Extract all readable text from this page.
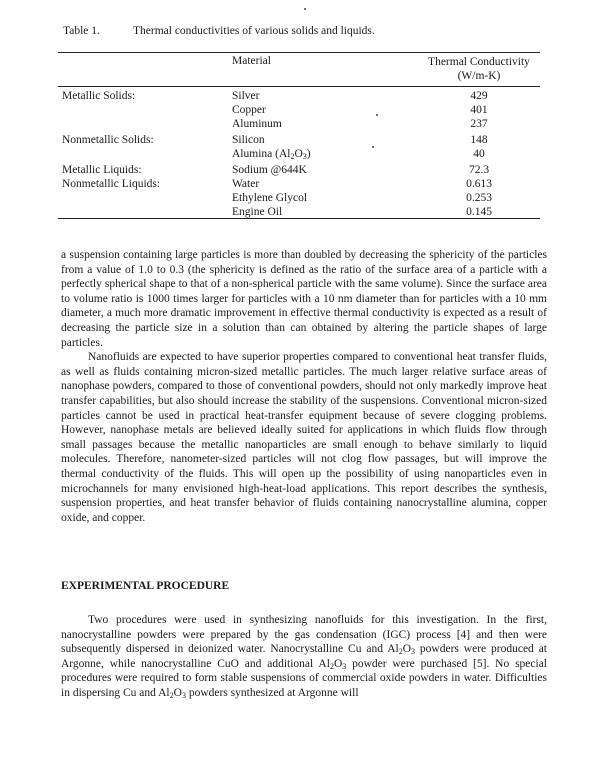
Table 1.	Thermal conductivities of various solids and liquids.
Material	Thermal Conductivity
(W/m-K)
Metallic Solids:
Nonmetallic Solids:
Metallic Liquids:
Nonmetallic Liquids:
Silver
Copper
Aluminum
Silicon
Alumina $(Al_2O_3)$
Sodium @644K
Water
Ethylene Glycol
Engine Oil
429
401
237
148
40
72.3
0.613
0.253
0.145

a suspension containing large particles is more than doubled by decreasing the sphericity of the particles from a value of 1.0 to 0.3 (the sphericity is defined as the ratio of the surface area of a particle with a perfectly spherical shape to that of a non-spherical particle with the same volume). Since the surface area to volume ratio is 1000 times larger for particles with a 10 nm diameter than for particles with a 10 mm diameter, a much more dramatic improvement in effective thermal conductivity is expected as a result of decreasing the particle size in a solution than can obtained by altering the particle shapes of large particles.

Nanofluids are expected to have superior properties compared to conventional heat transfer fluids, as well as fluids containing micron-sized metallic particles. The much larger relative surface areas of nanophase powders, compared to those of conventional powders, should not only markedly improve heat transfer capabilities, but also should increase the stability of the suspensions. Conventional micron-sized particles cannot be used in practical heat-transfer equipment because of severe clogging problems. However, nanophase metals are believed ideally suited for applications in which fluids flow through small passages because the metallic nanoparticles are small enough to behave similarly to liquid molecules. Therefore, nanometer-sized particles will not clog flow passages, but will improve the thermal conductivity of the fluids. This will open up the possibility of using nanoparticles even in microchannels for many envisioned high-heat-load applications. This report describes the synthesis, suspension properties, and heat transfer behavior of fluids containing nanocrystalline alumina, copper oxide, and copper.

EXPERIMENTAL PROCEDURE

Two procedures were used in synthesizing nanofluids for this investigation. In the first, nanocrystalline powders were prepared by the gas condensation (IGC) process [4] and then were subsequently dispersed in deionized water. Nanocrystalline Cu and $Al_2O_3$ powders were produced at Argonne, while nanocrystalline CuO and additional $Al_2O_3$ powder were purchased [5]. No special procedures were required to form stable suspensions of commercial oxide powders in water. Difficulties in dispersing Cu and $Al_2O_3$ powders synthesized at Argonne will
